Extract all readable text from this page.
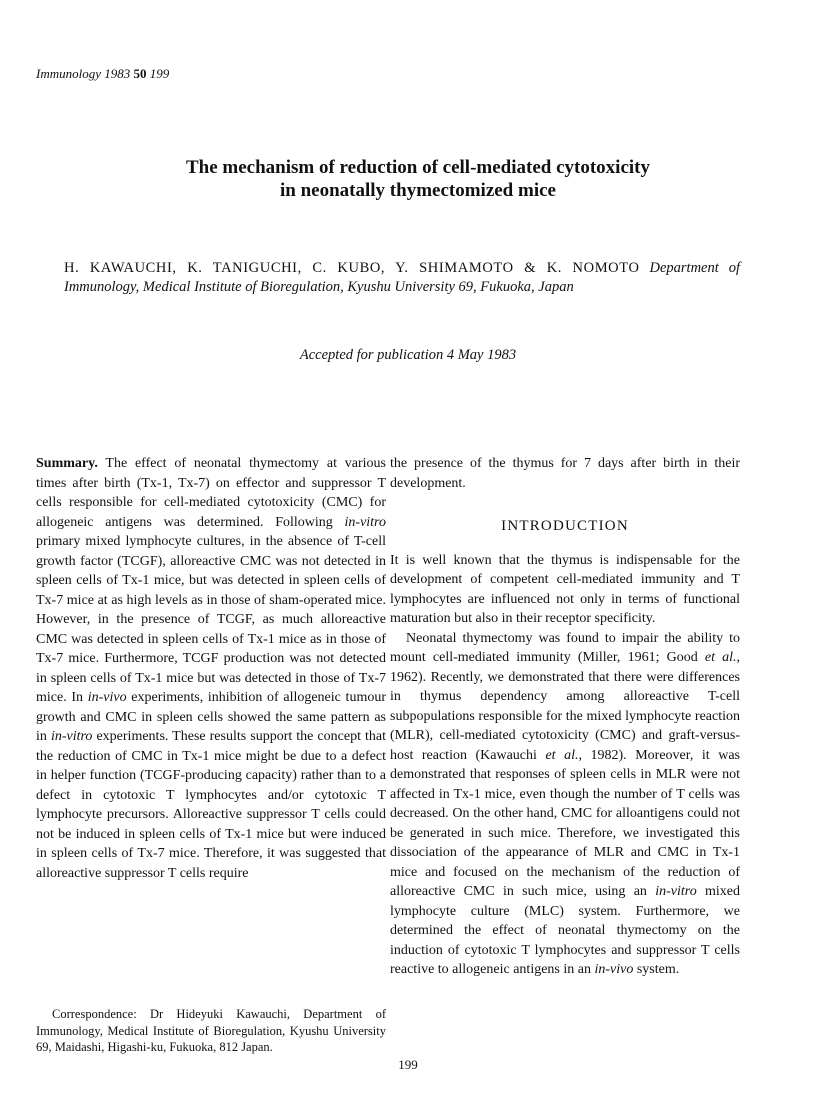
Immunology 1983 50 199
The mechanism of reduction of cell-mediated cytotoxicity
in neonatally thymectomized mice
H. KAWAUCHI, K. TANIGUCHI, C. KUBO, Y. SHIMAMOTO & K. NOMOTO Department of Immunology, Medical Institute of Bioregulation, Kyushu University 69, Fukuoka, Japan
Accepted for publication 4 May 1983

Summary. The effect of neonatal thymectomy at various times after birth (Tx-1, Tx-7) on effector and suppressor T cells responsible for cell-mediated cytotoxicity (CMC) for allogeneic antigens was determined. Following in-vitro primary mixed lymphocyte cultures, in the absence of T-cell growth factor (TCGF), alloreactive CMC was not detected in spleen cells of Tx-1 mice, but was detected in spleen cells of Tx-7 mice at as high levels as in those of sham-operated mice. However, in the presence of TCGF, as much alloreactive CMC was detected in spleen cells of Tx-1 mice as in those of Tx-7 mice. Furthermore, TCGF production was not detected in spleen cells of Tx-1 mice but was detected in those of Tx-7 mice. In in-vivo experiments, inhibition of allogeneic tumour growth and CMC in spleen cells showed the same pattern as in in-vitro experiments. These results support the concept that the reduction of CMC in Tx-1 mice might be due to a defect in helper function (TCGF-producing capacity) rather than to a defect in cytotoxic T lymphocytes and/or cytotoxic T lymphocyte precursors. Alloreactive suppressor T cells could not be induced in spleen cells of Tx-1 mice but were induced in spleen cells of Tx-7 mice. Therefore, it was suggested that alloreactive suppressor T cells require

the presence of the thymus for 7 days after birth in their development.

INTRODUCTION

It is well known that the thymus is indispensable for the development of competent cell-mediated immunity and T lymphocytes are influenced not only in terms of functional maturation but also in their receptor specificity.

Neonatal thymectomy was found to impair the ability to mount cell-mediated immunity (Miller, 1961; Good et al., 1962). Recently, we demonstrated that there were differences in thymus dependency among alloreactive T-cell subpopulations responsible for the mixed lymphocyte reaction (MLR), cell-mediated cytotoxicity (CMC) and graft-versus-host reaction (Kawauchi et al., 1982). Moreover, it was demonstrated that responses of spleen cells in MLR were not affected in Tx-1 mice, even though the number of T cells was decreased. On the other hand, CMC for alloantigens could not be generated in such mice. Therefore, we investigated this dissociation of the appearance of MLR and CMC in Tx-1 mice and focused on the mechanism of the reduction of alloreactive CMC in such mice, using an in-vitro mixed lymphocyte culture (MLC) system. Furthermore, we determined the effect of neonatal thymectomy on the induction of cytotoxic T lymphocytes and suppressor T cells reactive to allogeneic antigens in an in-vivo system.

Correspondence: Dr Hideyuki Kawauchi, Department of Immunology, Medical Institute of Bioregulation, Kyushu University 69, Maidashi, Higashi-ku, Fukuoka, 812 Japan.
199
